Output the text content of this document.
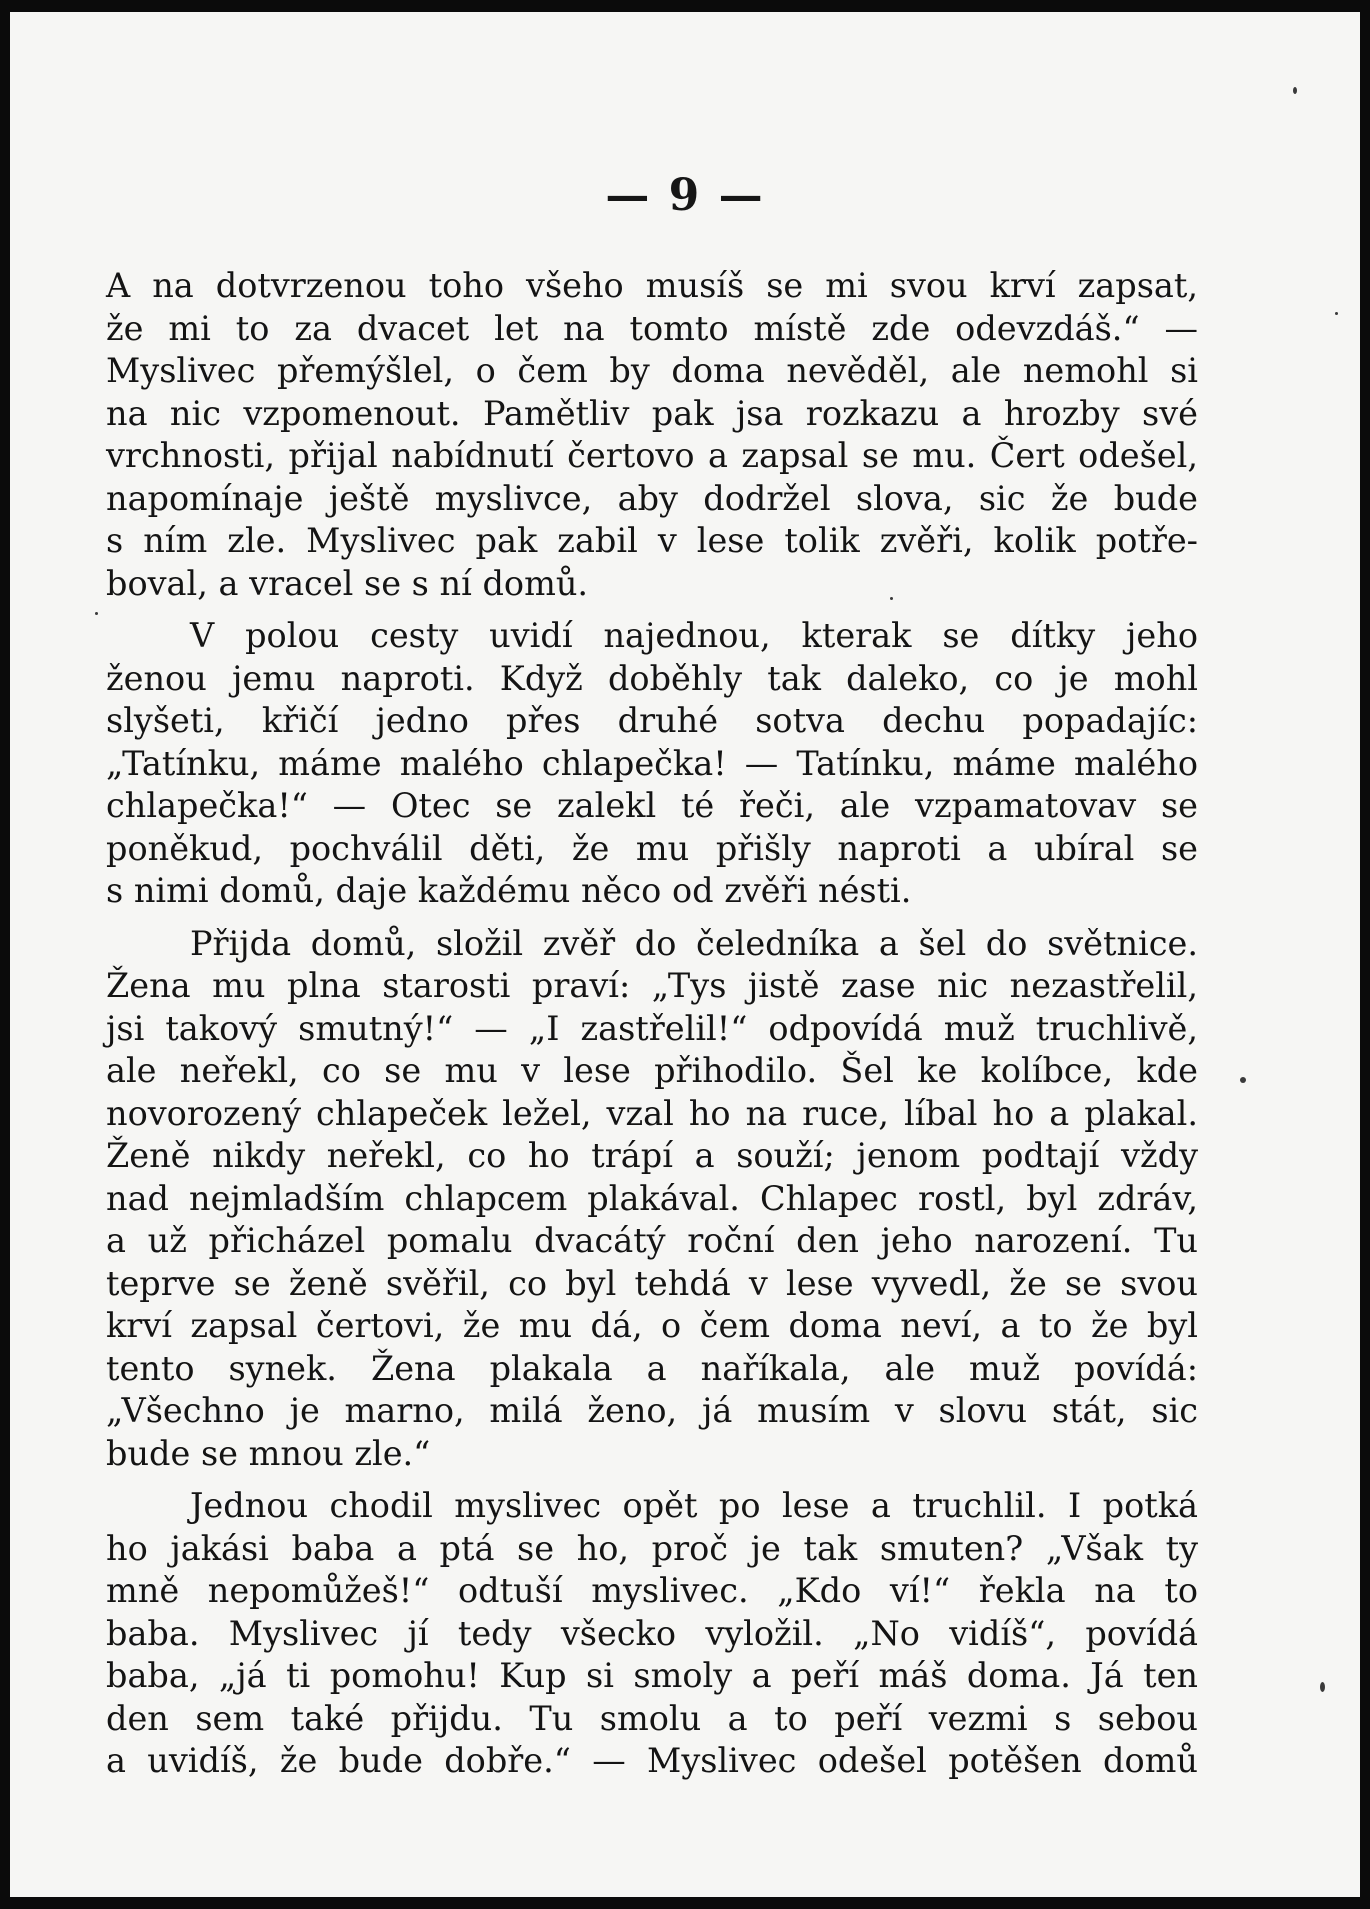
— 9 —

A na dotvrzenou toho všeho musíš se mi svou krví zapsat,
že mi to za dvacet let na tomto místě zde odevzdáš.“ —
Myslivec přemýšlel, o čem by doma nevěděl, ale nemohl si
na nic vzpomenout. Pamětliv pak jsa rozkazu a hrozby své
vrchnosti, přijal nabídnutí čertovo a zapsal se mu. Čert odešel,
napomínaje ještě myslivce, aby dodržel slova, sic že bude
s ním zle. Myslivec pak zabil v lese tolik zvěři, kolik potře-
boval, a vracel se s ní domů.

V polou cesty uvidí najednou, kterak se dítky jeho
ženou jemu naproti. Když doběhly tak daleko, co je mohl
slyšeti, křičí jedno přes druhé sotva dechu popadajíc:
„Tatínku, máme malého chlapečka! — Tatínku, máme malého
chlapečka!“ — Otec se zalekl té řeči, ale vzpamatovav se
poněkud, pochválil děti, že mu přišly naproti a ubíral se
s nimi domů, daje každému něco od zvěři nésti.

Přijda domů, složil zvěř do čeledníka a šel do světnice.
Žena mu plna starosti praví: „Tys jistě zase nic nezastřelil,
jsi takový smutný!“ — „I zastřelil!“ odpovídá muž truchlivě,
ale neřekl, co se mu v lese přihodilo. Šel ke kolíbce, kde
novorozený chlapeček ležel, vzal ho na ruce, líbal ho a plakal.
Ženě nikdy neřekl, co ho trápí a souží; jenom podtají vždy
nad nejmladším chlapcem plakával. Chlapec rostl, byl zdráv,
a už přicházel pomalu dvacátý roční den jeho narození. Tu
teprve se ženě svěřil, co byl tehdá v lese vyvedl, že se svou
krví zapsal čertovi, že mu dá, o čem doma neví, a to že byl
tento synek. Žena plakala a naříkala, ale muž povídá:
„Všechno je marno, milá ženo, já musím v slovu stát, sic
bude se mnou zle.“

Jednou chodil myslivec opět po lese a truchlil. I potká
ho jakási baba a ptá se ho, proč je tak smuten? „Však ty
mně nepomůžeš!“ odtuší myslivec. „Kdo ví!“ řekla na to
baba. Myslivec jí tedy všecko vyložil. „No vidíš“, povídá
baba, „já ti pomohu! Kup si smoly a peří máš doma. Já ten
den sem také přijdu. Tu smolu a to peří vezmi s sebou
a uvidíš, že bude dobře.“ — Myslivec odešel potěšen domů
